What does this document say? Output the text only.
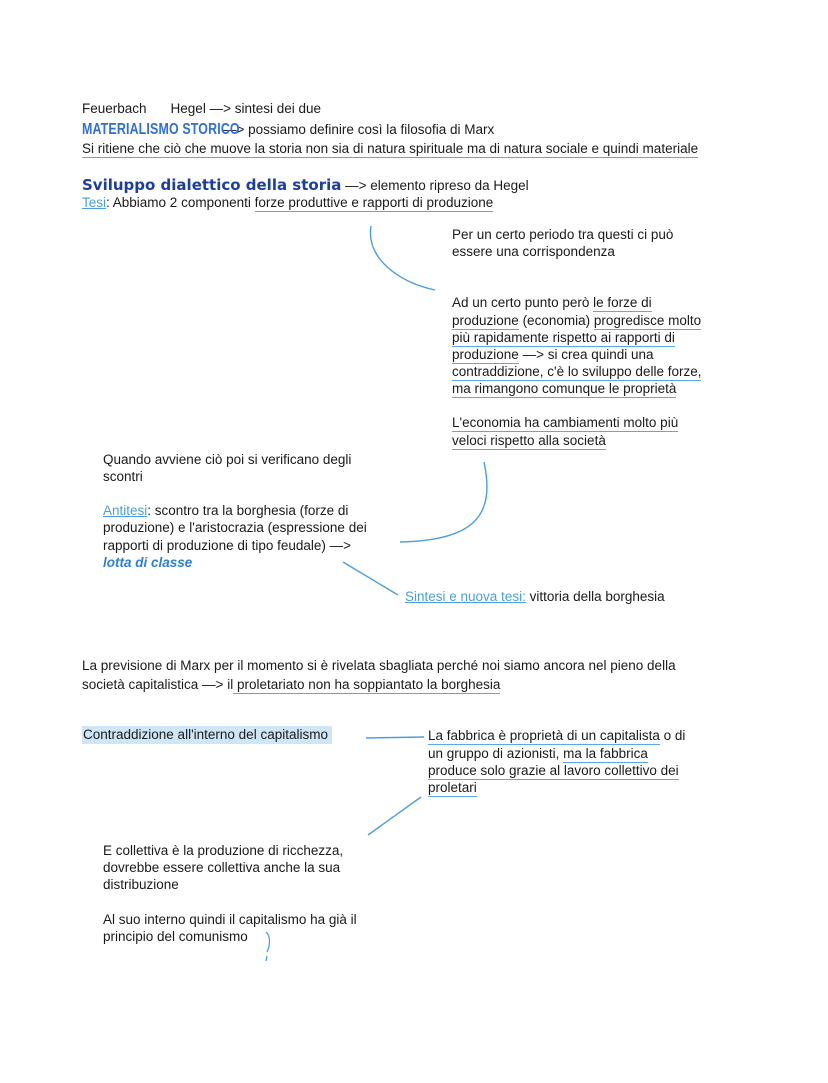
Feuerbach Hegel —> sintesi dei due
MATERIALISMO STORICO—> possiamo definire così la filosofia di Marx
Si ritiene che ciò che muove la storia non sia di natura spirituale ma di natura sociale e quindi materiale
Sviluppo dialettico della storia —> elemento ripreso da Hegel
Tesi: Abbiamo 2 componenti forze produttive e rapporti di produzione
Per un certo periodo tra questi ci può
essere una corrispondenza
Ad un certo punto però le forze di
produzione (economia) progredisce molto
più rapidamente rispetto ai rapporti di
produzione —> si crea quindi una
contraddizione, c'è lo sviluppo delle forze,
ma rimangono comunque le proprietà
L'economia ha cambiamenti molto più
veloci rispetto alla società
Quando avviene ciò poi si verificano degli
scontri
Antitesi: scontro tra la borghesia (forze di
produzione) e l'aristocrazia (espressione dei
rapporti di produzione di tipo feudale) —>
lotta di classe
Sintesi e nuova tesi: vittoria della borghesia
La previsione di Marx per il momento si è rivelata sbagliata perché noi siamo ancora nel pieno della
società capitalistica —> il proletariato non ha soppiantato la borghesia
Contraddizione all'interno del capitalismo	La fabbrica è proprietà di un capitalista o di
un gruppo di azionisti, ma la fabbrica
produce solo grazie al lavoro collettivo dei
proletari
E collettiva è la produzione di ricchezza,
dovrebbe essere collettiva anche la sua
distribuzione
Al suo interno quindi il capitalismo ha già il
principio del comunismo
